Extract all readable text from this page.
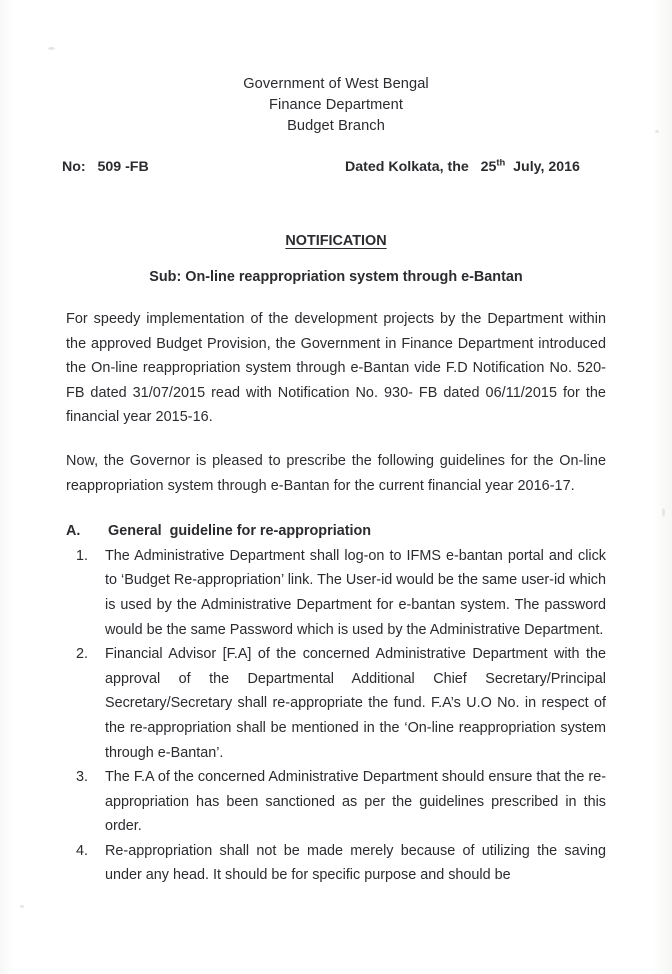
Government of West Bengal
Finance Department
Budget Branch
No:   509 -FB	Dated Kolkata, the 25th July, 2016
NOTIFICATION
Sub: On-line reappropriation system through e-Bantan

For speedy implementation of the development projects by the Department within the approved Budget Provision, the Government in Finance Department introduced the On-line reappropriation system through e-Bantan vide F.D Notification No. 520- FB dated 31/07/2015 read with Notification No. 930- FB dated 06/11/2015 for the financial year 2015-16.

Now, the Governor is pleased to prescribe the following guidelines for the On-line reappropriation system through e-Bantan for the current financial year 2016-17.

A. General  guideline for re-appropriation
1.	The Administrative Department shall log-on to IFMS e-bantan portal and click to ‘Budget Re-appropriation’ link. The User-id would be the same user-id which is used by the Administrative Department for e-bantan system. The password would be the same Password which is used by the Administrative Department.
2.	Financial Advisor [F.A] of the concerned Administrative Department with the approval of the Departmental Additional Chief Secretary/Principal Secretary/Secretary shall re-appropriate the fund. F.A’s U.O No. in respect of the re-appropriation shall be mentioned in the ‘On-line reappropriation system through e-Bantan’.
3.	The F.A of the concerned Administrative Department should ensure that the re-appropriation has been sanctioned as per the guidelines prescribed in this order.
4.	Re-appropriation shall not be made merely because of utilizing the saving under any head. It should be for specific purpose and should be
